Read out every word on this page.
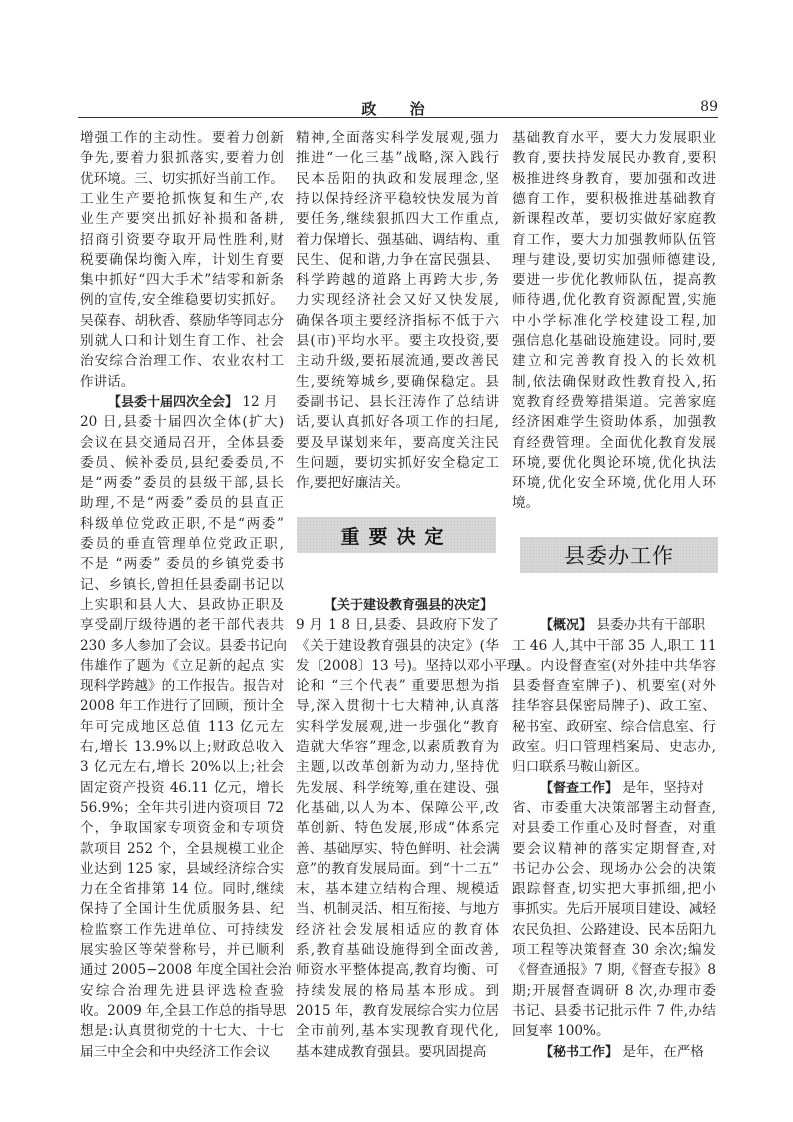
政 治	89
增强工作的主动性。要着力创新
争先,要着力狠抓落实,要着力创
优环境。三、切实抓好当前工作。
工业生产要抢抓恢复和生产,农
业生产要突出抓好补损和备耕,
招商引资要夺取开局性胜利,财
税要确保均衡入库，计划生育要
集中抓好“四大手术”结零和新条
例的宣传,安全维稳要切实抓好。
吴葆春、胡秋香、蔡励华等同志分
别就人口和计划生育工作、社会
治安综合治理工作、农业农村工
作讲话。
【县委十届四次全会】 12 月
20 日,县委十届四次全体(扩大)
会议在县交通局召开，全体县委
委员、候补委员,县纪委委员,不
是“两委”委员的县级干部,县长
助理,不是“两委”委员的县直正
科级单位党政正职,不是“两委”
委员的垂直管理单位党政正职,
不是 “两委” 委员的乡镇党委书
记、乡镇长,曾担任县委副书记以
上实职和县人大、县政协正职及
享受副厅级待遇的老干部代表共
230 多人参加了会议。县委书记向
伟雄作了题为《立足新的起点 实
现科学跨越》的工作报告。报告对
2008 年工作进行了回顾，预计全
年可完成地区总值 113 亿元左
右,增长 13.9%以上;财政总收入
3 亿元左右,增长 20%以上;社会
固定资产投资 46.11 亿元，增长
56.9%；全年共引进内资项目 72
个，争取国家专项资金和专项贷
款项目 252 个，全县规模工业企
业达到 125 家，县域经济综合实
力在全省排第 14 位。同时,继续
保持了全国计生优质服务县、纪
检监察工作先进单位、可持续发
展实验区等荣誉称号，并已顺利
通过 2005−2008 年度全国社会治
安综合治理先进县评选检查验
收。2009 年,全县工作总的指导思
想是:认真贯彻党的十七大、十七
届三中全会和中央经济工作会议
精神,全面落实科学发展观,强力
推进“一化三基”战略,深入践行
民本岳阳的执政和发展理念,坚
持以保持经济平稳较快发展为首
要任务,继续狠抓四大工作重点,
着力保增长、强基础、调结构、重
民生、促和谐,力争在富民强县、
科学跨越的道路上再跨大步,务
力实现经济社会又好又快发展,
确保各项主要经济指标不低于六
县(市)平均水平。要主攻投资,要
主动升级,要拓展流通,要改善民
生,要统筹城乡,要确保稳定。县
委副书记、县长汪涛作了总结讲
话,要认真抓好各项工作的扫尾,
要及早谋划来年，要高度关注民
生问题，要切实抓好安全稳定工
作,要把好廉洁关。
重要决定
【关于建设教育强县的决定】
9 月 1 8 日,县委、县政府下发了
《关于建设教育强县的决定》(华
发〔2008〕13 号)。坚持以邓小平理
论和 “三个代表” 重要思想为指
导,深入贯彻十七大精神,认真落
实科学发展观,进一步强化“教育
造就大华容”理念,以素质教育为
主题,以改革创新为动力,坚持优
先发展、科学统筹,重在建设、强
化基础,以人为本、保障公平,改
革创新、特色发展,形成“体系完
善、基础厚实、特色鲜明、社会满
意”的教育发展局面。到“十二五”
末，基本建立结构合理、规模适
当、机制灵活、相互衔接、与地方
经济社会发展相适应的教育体
系,教育基础设施得到全面改善,
师资水平整体提高,教育均衡、可
持续发展的格局基本形成。到
2015 年，教育发展综合实力位居
全市前列,基本实现教育现代化,
基本建成教育强县。要巩固提高
基础教育水平，要大力发展职业
教育,要扶持发展民办教育,要积
极推进终身教育，要加强和改进
德育工作，要积极推进基础教育
新课程改革，要切实做好家庭教
育工作，要大力加强教师队伍管
理与建设,要切实加强师德建设,
要进一步优化教师队伍，提高教
师待遇,优化教育资源配置,实施
中小学标准化学校建设工程,加
强信息化基础设施建设。同时,要
建立和完善教育投入的长效机
制,依法确保财政性教育投入,拓
宽教育经费筹措渠道。完善家庭
经济困难学生资助体系，加强教
育经费管理。全面优化教育发展
环境,要优化舆论环境,优化执法
环境,优化安全环境,优化用人环
境。
县委办工作
【概况】 县委办共有干部职
工 46 人,其中干部 35 人,职工 11
人。内设督查室(对外挂中共华容
县委督查室牌子)、机要室(对外
挂华容县保密局牌子)、政工室、
秘书室、政研室、综合信息室、行
政室。归口管理档案局、史志办,
归口联系马鞍山新区。
【督查工作】 是年，坚持对
省、市委重大决策部署主动督查,
对县委工作重心及时督查，对重
要会议精神的落实定期督查,对
书记办公会、现场办公会的决策
跟踪督查,切实把大事抓细,把小
事抓实。先后开展项目建设、减轻
农民负担、公路建设、民本岳阳九
项工程等决策督查 30 余次;编发
《督查通报》7 期,《督查专报》8
期;开展督查调研 8 次,办理市委
书记、县委书记批示件 7 件,办结
回复率 100%。
【秘书工作】 是年，在严格
